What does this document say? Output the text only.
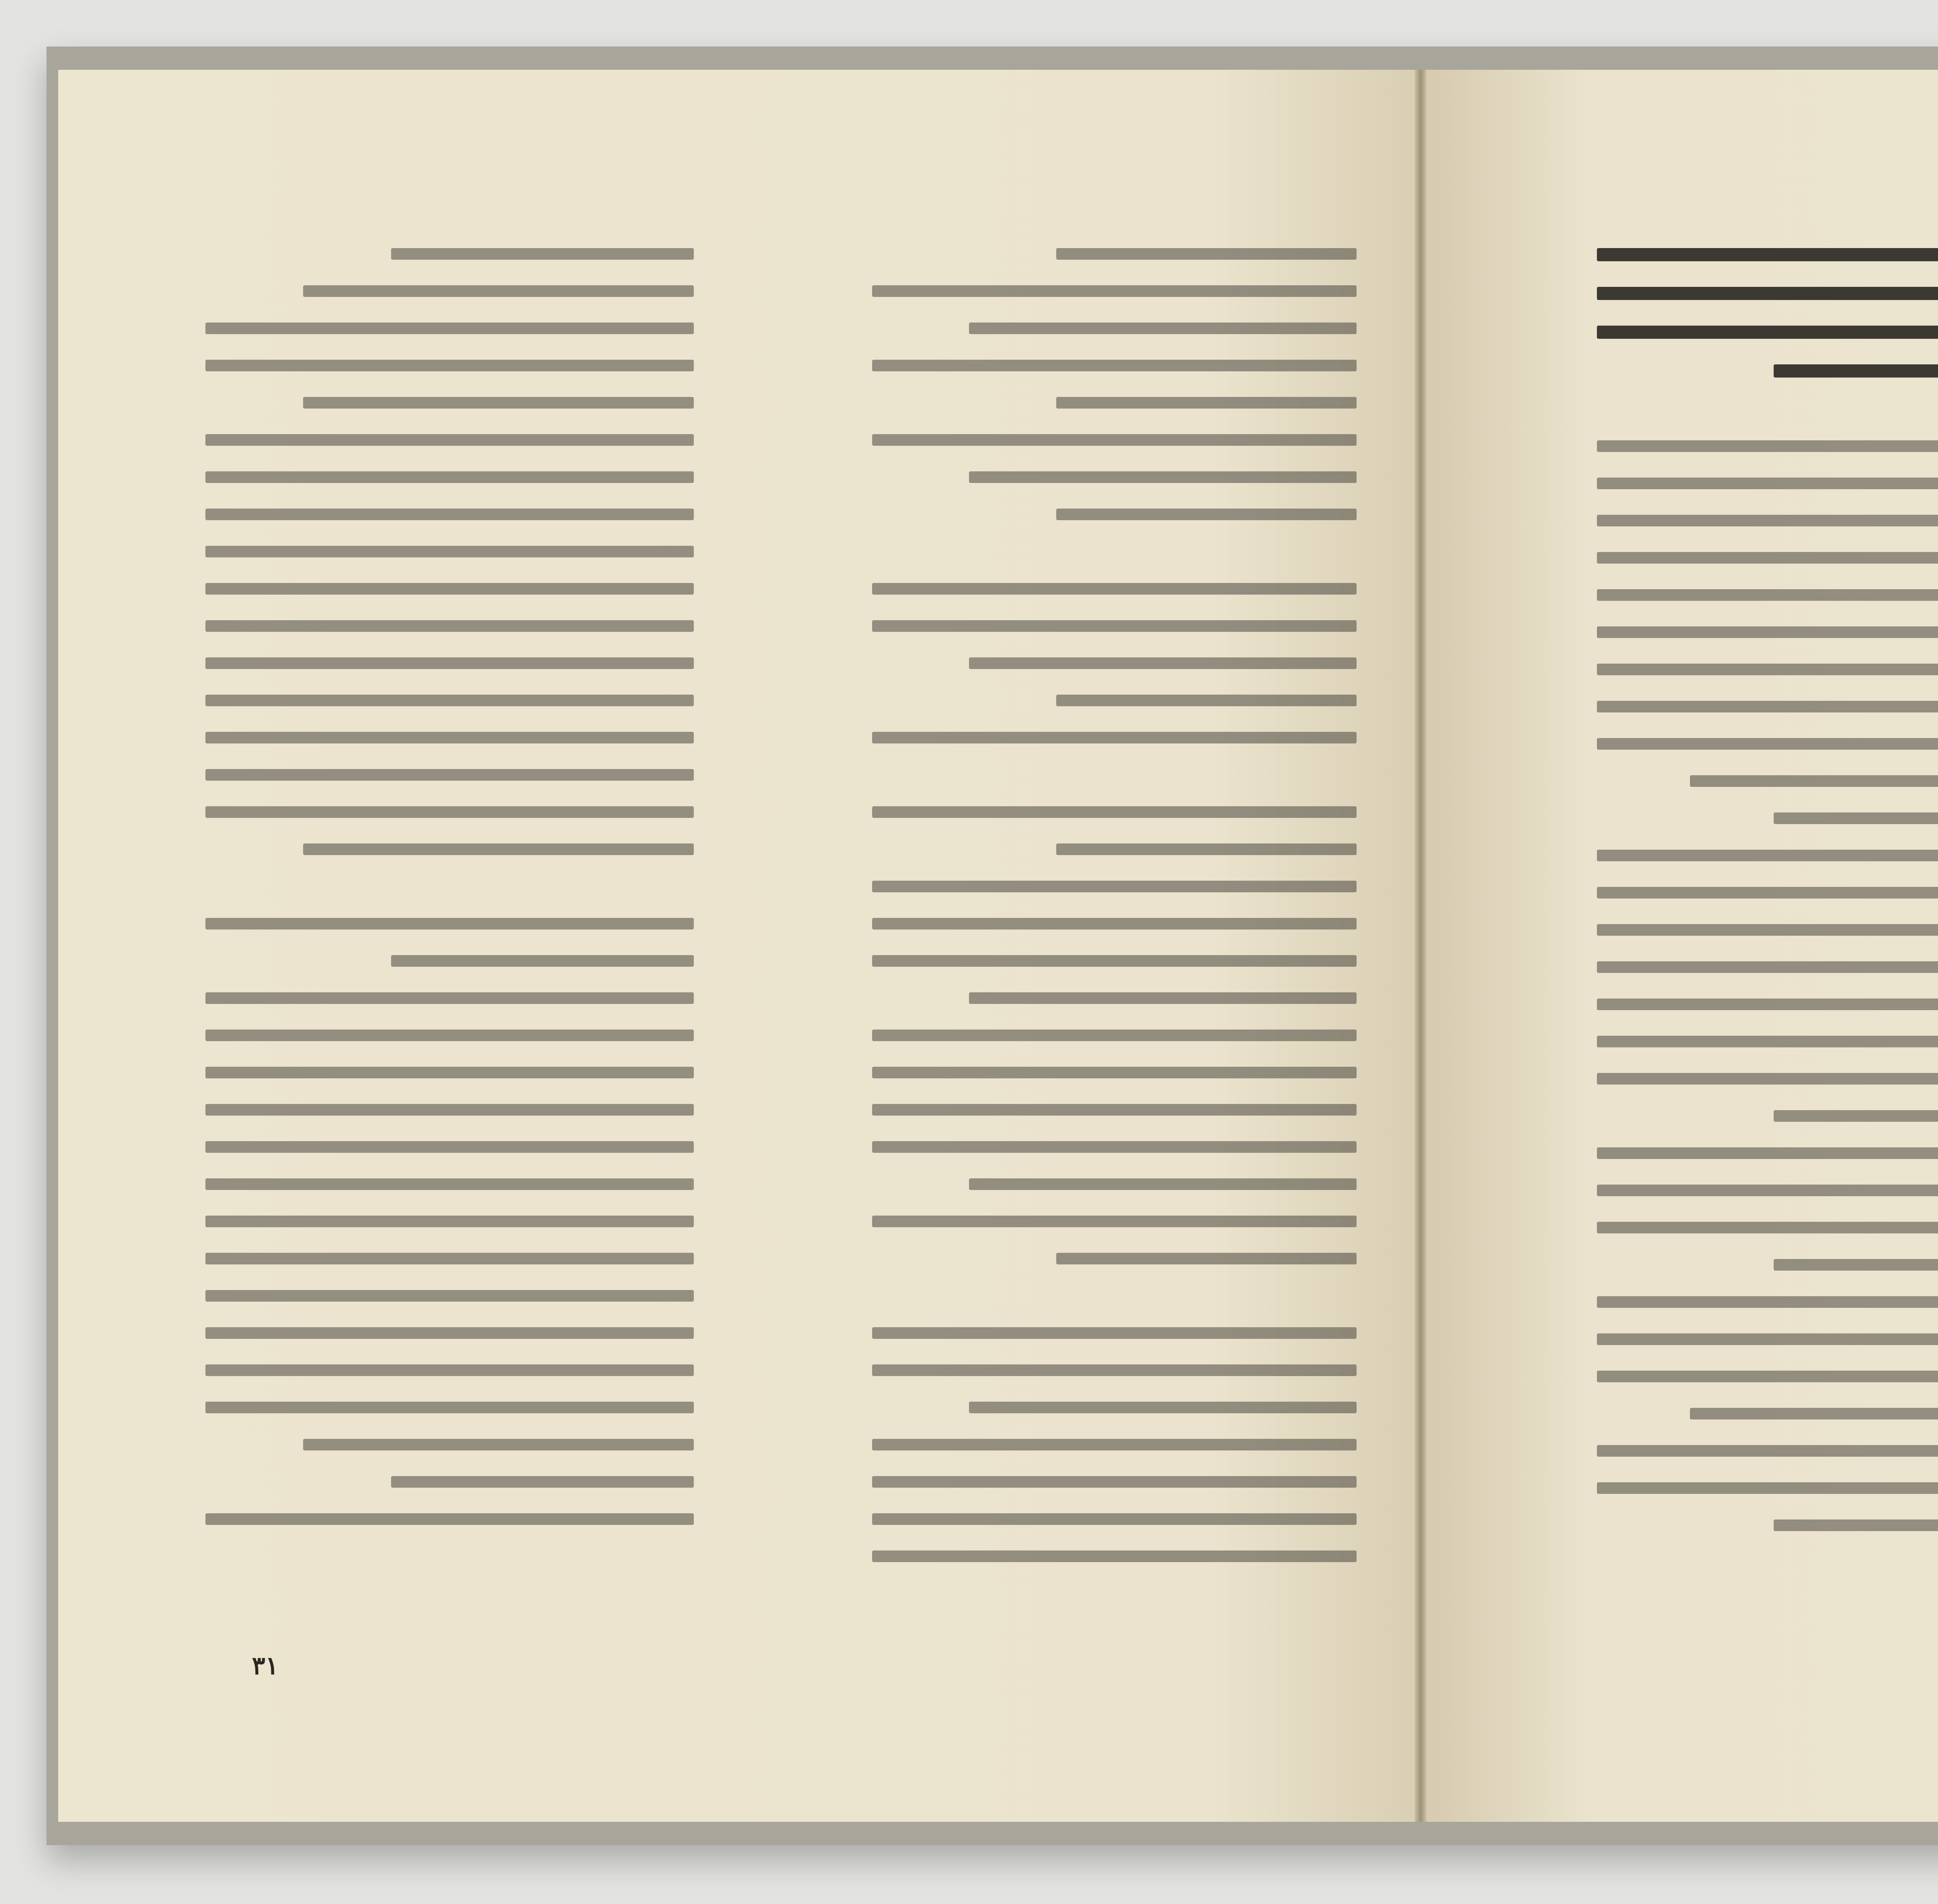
٣١
